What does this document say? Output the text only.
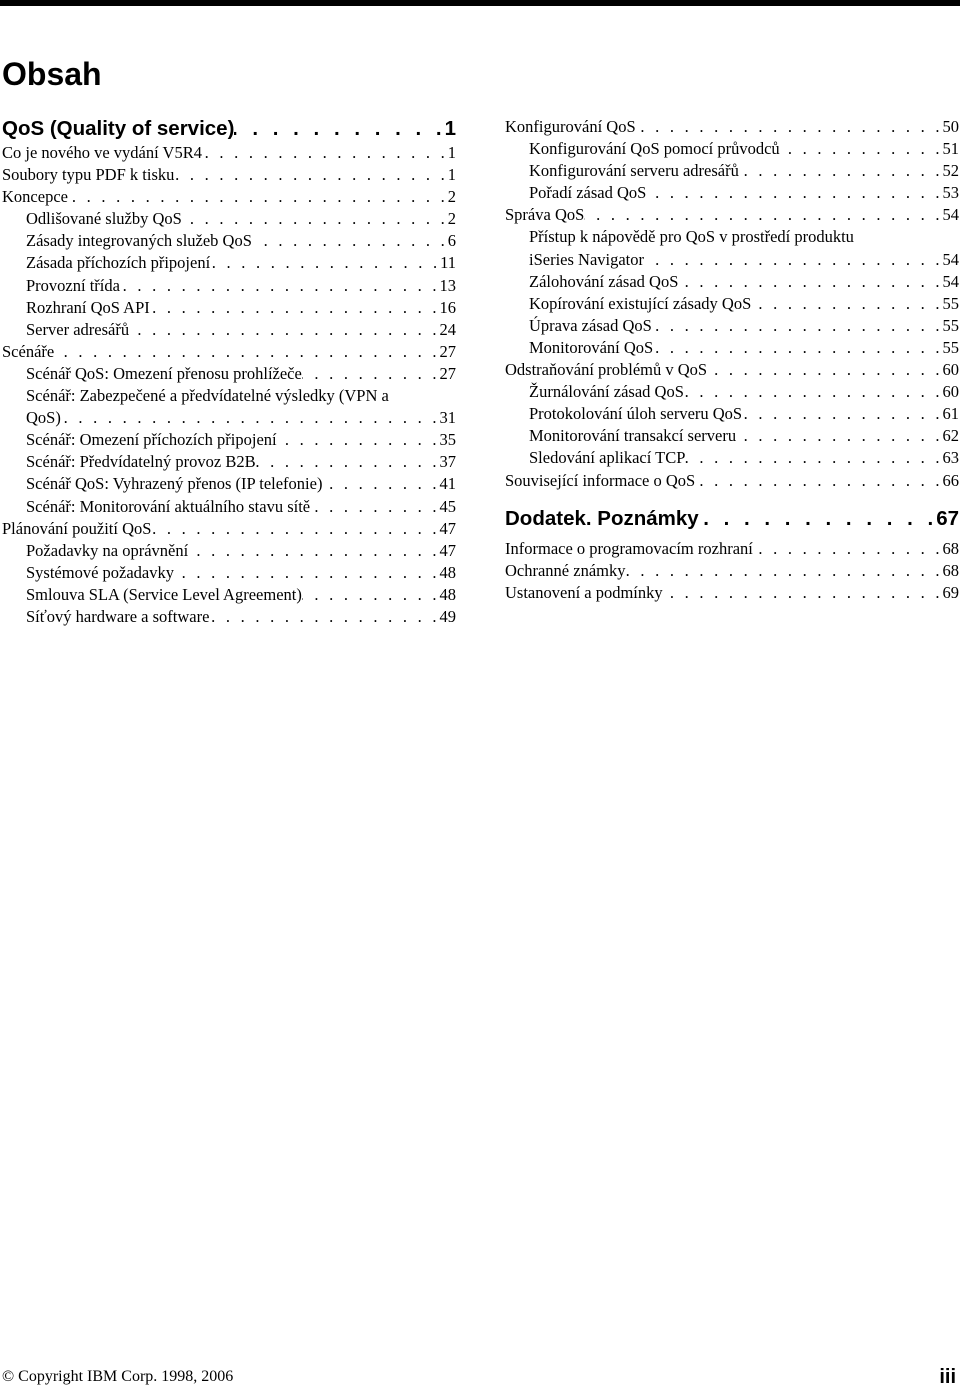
Obsah
QoS (Quality of service) . . .	1
Co je nového ve vydání V5R4 . . .	1
Soubory typu PDF k tisku . . .	1
Koncepce . . .	2
Odlišované služby QoS . . .	2
Zásady integrovaných služeb QoS . . .	6
Zásada příchozích připojení . . .	11
Provozní třída . . .	13
Rozhraní QoS API . . .	16
Server adresářů . . .	24
Scénáře . . .	27
Scénář QoS: Omezení přenosu prohlížeče . . .	27
Scénář: Zabezpečené a předvídatelné výsledky (VPN a
QoS) . . .	31
Scénář: Omezení příchozích připojení . . .	35
Scénář: Předvídatelný provoz B2B . . .	37
Scénář QoS: Vyhrazený přenos (IP telefonie) . . .	41
Scénář: Monitorování aktuálního stavu sítě . . .	45
Plánování použití QoS . . .	47
Požadavky na oprávnění . . .	47
Systémové požadavky . . .	48
Smlouva SLA (Service Level Agreement) . . .	48
Síťový hardware a software . . .	49
Konfigurování QoS . . .	50
Konfigurování QoS pomocí průvodců . . .	51
Konfigurování serveru adresářů . . .	52
Pořadí zásad QoS . . .	53
Správa QoS . . .	54
Přístup k nápovědě pro QoS v prostředí produktu
iSeries Navigator . . .	54
Zálohování zásad QoS . . .	54
Kopírování existující zásady QoS . . .	55
Úprava zásad QoS . . .	55
Monitorování QoS . . .	55
Odstraňování problémů v QoS . . .	60
Žurnálování zásad QoS . . .	60
Protokolování úloh serveru QoS . . .	61
Monitorování transakcí serveru . . .	62
Sledování aplikací TCP . . .	63
Související informace o QoS . . .	66
Dodatek. Poznámky . . .	67
Informace o programovacím rozhraní . . .	68
Ochranné známky . . .	68
Ustanovení a podmínky . . .	69
© Copyright IBM Corp. 1998, 2006	iii
